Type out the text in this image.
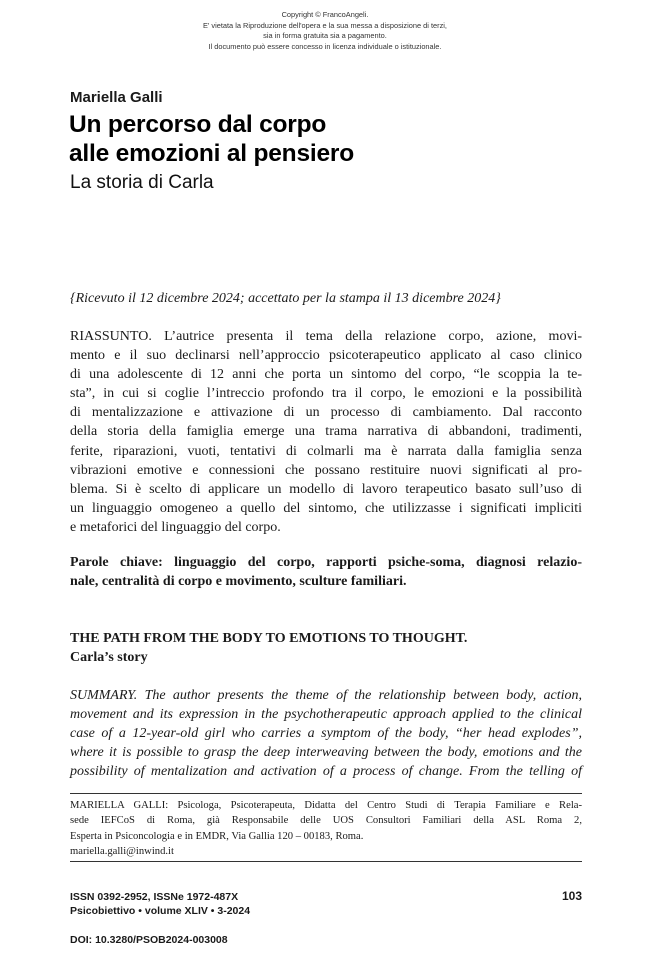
Copyright © FrancoAngeli.
E' vietata la Riproduzione dell'opera e la sua messa a disposizione di terzi,
sia in forma gratuita sia a pagamento.
Il documento può essere concesso in licenza individuale o istituzionale.
Mariella Galli
Un percorso dal corpo
alle emozioni al pensiero
La storia di Carla
{Ricevuto il 12 dicembre 2024; accettato per la stampa il 13 dicembre 2024}
RIASSUNTO. L’autrice presenta il tema della relazione corpo, azione, movi-
mento e il suo declinarsi nell’approccio psicoterapeutico applicato al caso clinico
di una adolescente di 12 anni che porta un sintomo del corpo, “le scoppia la te-
sta”, in cui si coglie l’intreccio profondo tra il corpo, le emozioni e la possibilità
di mentalizzazione e attivazione di un processo di cambiamento. Dal racconto
della storia della famiglia emerge una trama narrativa di abbandoni, tradimenti,
ferite, riparazioni, vuoti, tentativi di colmarli ma è narrata dalla famiglia senza
vibrazioni emotive e connessioni che possano restituire nuovi significati al pro-
blema. Si è scelto di applicare un modello di lavoro terapeutico basato sull’uso di
un linguaggio omogeneo a quello del sintomo, che utilizzasse i significati impliciti
e metaforici del linguaggio del corpo.
Parole chiave: linguaggio del corpo, rapporti psiche-soma, diagnosi relazio-
nale, centralità di corpo e movimento, sculture familiari.
THE PATH FROM THE BODY TO EMOTIONS TO THOUGHT.
Carla’s story
SUMMARY. The author presents the theme of the relationship between body, action,
movement and its expression in the psychotherapeutic approach applied to the clinical
case of a 12-year-old girl who carries a symptom of the body, “her head explodes”,
where it is possible to grasp the deep interweaving between the body, emotions and the
possibility of mentalization and activation of a process of change. From the telling of
MARIELLA GALLI: Psicologa, Psicoterapeuta, Didatta del Centro Studi di Terapia Familiare e Rela-
sede IEFCoS di Roma, già Responsabile delle UOS Consultori Familiari della ASL Roma 2,
Esperta in Psiconcologia e in EMDR, Via Gallia 120 – 00183, Roma.
mariella.galli@inwind.it
ISSN 0392-2952, ISSNe 1972-487X
Psicobiettivo • volume XLIV • 3-2024
103
DOI: 10.3280/PSOB2024-003008
